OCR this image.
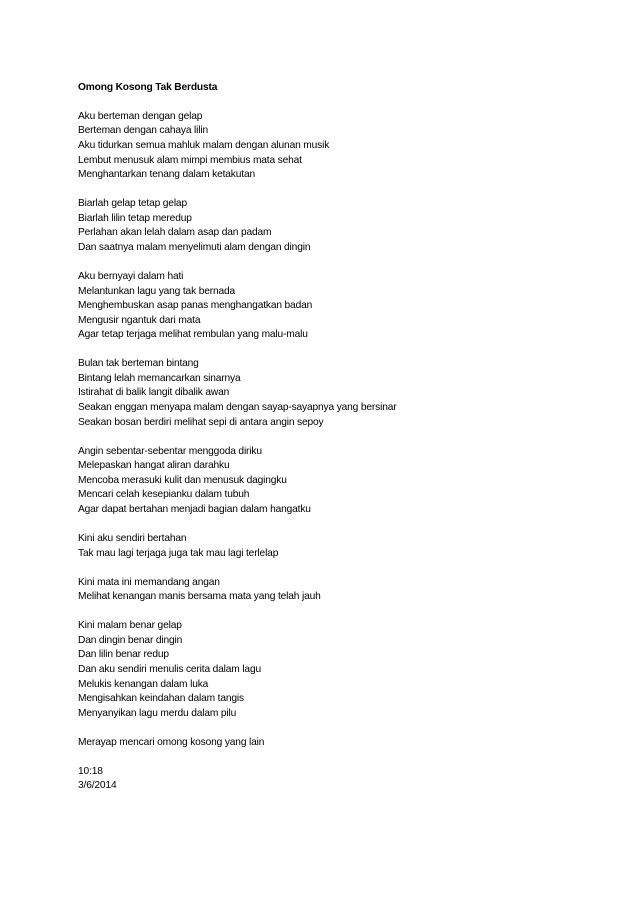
Omong Kosong Tak Berdusta
Aku berteman dengan gelap
Berteman dengan cahaya lilin
Aku tidurkan semua mahluk malam dengan alunan musik
Lembut menusuk alam mimpi membius mata sehat
Menghantarkan tenang dalam ketakutan
Biarlah gelap tetap gelap
Biarlah lilin tetap meredup
Perlahan akan lelah dalam asap dan padam
Dan saatnya malam menyelimuti alam dengan dingin
Aku bernyayi dalam hati
Melantunkan lagu yang tak bernada
Menghembuskan asap panas menghangatkan badan
Mengusir ngantuk dari mata
Agar tetap terjaga melihat rembulan yang malu-malu
Bulan tak berteman bintang
Bintang lelah memancarkan sinarnya
Istirahat di balik langit dibalik awan
Seakan enggan menyapa malam dengan sayap-sayapnya yang bersinar
Seakan bosan berdiri melihat sepi di antara angin sepoy
Angin sebentar-sebentar menggoda diriku
Melepaskan hangat aliran darahku
Mencoba merasuki kulit dan menusuk dagingku
Mencari celah kesepianku dalam tubuh
Agar dapat bertahan menjadi bagian dalam hangatku
Kini aku sendiri bertahan
Tak mau lagi terjaga juga tak mau lagi terlelap
Kini mata ini memandang angan
Melihat kenangan manis bersama mata yang telah jauh
Kini malam benar gelap
Dan dingin benar dingin
Dan lilin benar redup
Dan aku sendiri menulis cerita dalam lagu
Melukis kenangan dalam luka
Mengisahkan keindahan dalam tangis
Menyanyikan lagu merdu dalam pilu
Merayap mencari omong kosong yang lain
10:18
3/6/2014
